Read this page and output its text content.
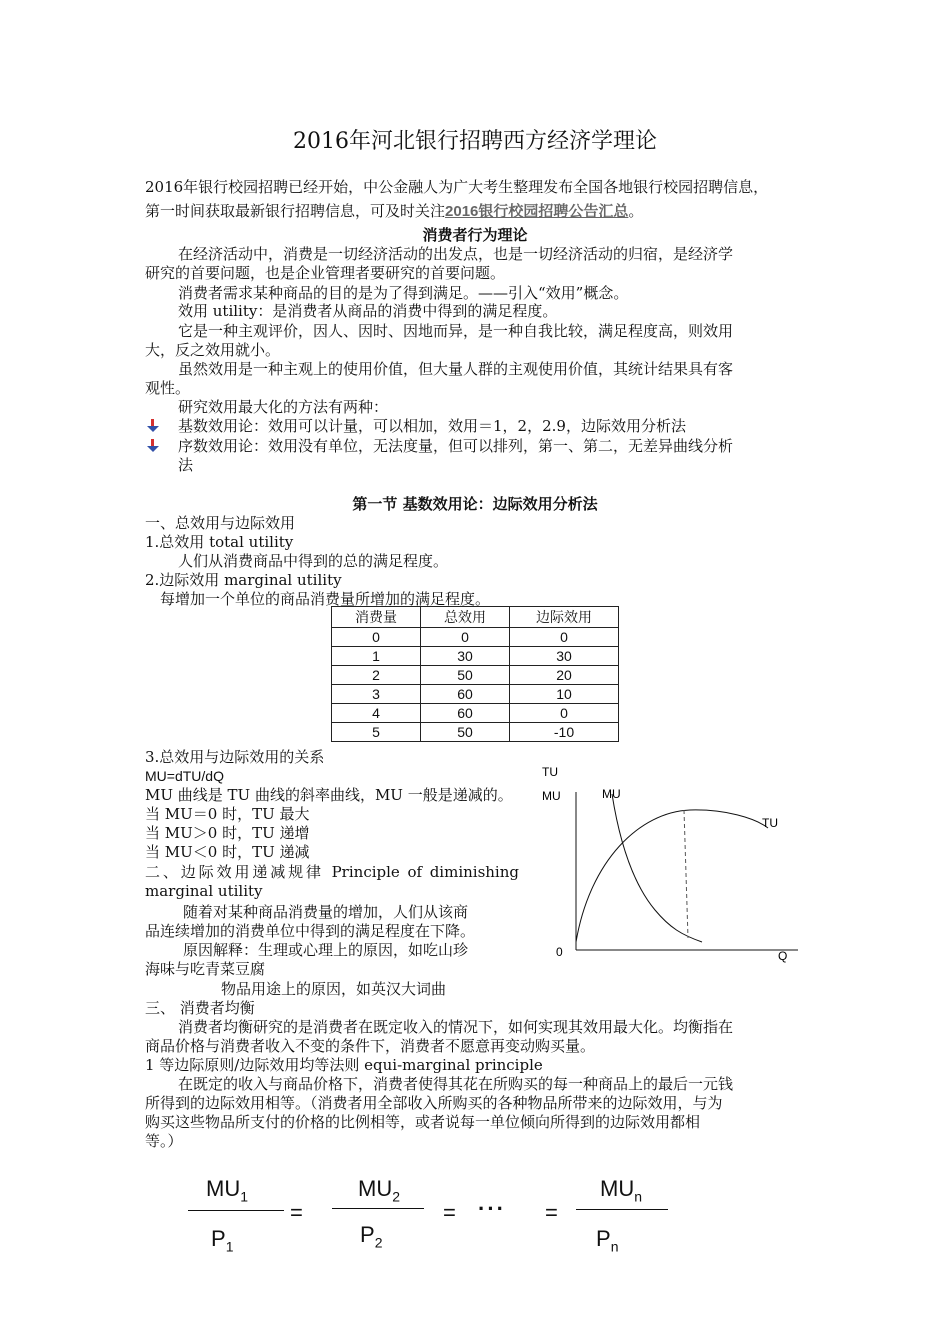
2016年河北银行招聘西方经济学理论
2016年银行校园招聘已经开始，中公金融人为广大考生整理发布全国各地银行校园招聘信息，
第一时间获取最新银行招聘信息，可及时关注2016银行校园招聘公告汇总。
消费者行为理论
在经济活动中，消费是一切经济活动的出发点，也是一切经济活动的归宿，是经济学
研究的首要问题，也是企业管理者要研究的首要问题。
消费者需求某种商品的目的是为了得到满足。——引入“效用”概念。
效用 utility：是消费者从商品的消费中得到的满足程度。
它是一种主观评价，因人、因时、因地而异，是一种自我比较，满足程度高，则效用
大，反之效用就小。
虽然效用是一种主观上的使用价值，但大量人群的主观使用价值，其统计结果具有客
观性。
研究效用最大化的方法有两种：
基数效用论：效用可以计量，可以相加，效用＝1，2，2.9，边际效用分析法
序数效用论：效用没有单位，无法度量，但可以排列，第一、第二，无差异曲线分析
法
第一节 基数效用论：边际效用分析法
一、总效用与边际效用
1.总效用 total utility
人们从消费商品中得到的总的满足程度。
2.边际效用 marginal utility
每增加一个单位的商品消费量所增加的满足程度。
消费量	总效用	边际效用
0	0	0
1	30	30
2	50	20
3	60	10
4	60	0
5	50	-10
3.总效用与边际效用的关系
MU=dTU/dQ
MU 曲线是 TU 曲线的斜率曲线，MU 一般是递减的。
当 MU＝0 时，TU 最大
当 MU＞0 时，TU 递增
当 MU＜0 时，TU 递减
二、边际效用递减规律 Principle of diminishing
marginal utility
随着对某种商品消费量的增加，人们从该商
品连续增加的消费单位中得到的满足程度在下降。
原因解释：生理或心理上的原因，如吃山珍
海味与吃青菜豆腐
物品用途上的原因，如英汉大词曲
TU
MU	MU
TU
0	Q
三、 消费者均衡
消费者均衡研究的是消费者在既定收入的情况下，如何实现其效用最大化。均衡指在
商品价格与消费者收入不变的条件下，消费者不愿意再变动购买量。
1 等边际原则/边际效用均等法则 equi-marginal principle
在既定的收入与商品价格下，消费者使得其花在所购买的每一种商品上的最后一元钱
所得到的边际效用相等。（消费者用全部收入所购买的各种物品所带来的边际效用，与为
购买这些物品所支付的价格的比例相等，或者说每一单位倾向所得到的边际效用都相
等。）
$MU_1$
$P_1$
=
$MU_2$
$P_2$
= ··· =
$MU_n$
$P_n$
